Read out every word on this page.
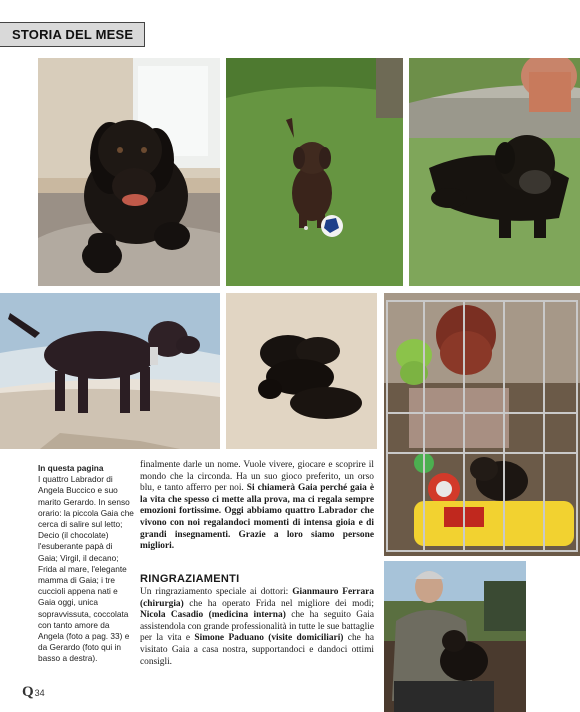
STORIA DEL MESE
In questa pagina
I quattro Labrador di Angela Buccico e suo marito Gerardo. In senso orario: la piccola Gaia che cerca di salire sul letto; Decio (il chocolate) l'esuberante papà di Gaia; Virgil, il decano; Frida al mare, l'elegante mamma di Gaia; i tre cuccioli appena nati e Gaia oggi, unica sopravvissuta, coccolata con tanto amore da Angela (foto a pag. 33) e da Gerardo (foto qui in basso a destra).
finalmente darle un nome. Vuole vivere, giocare e scoprire il mondo che la circonda. Ha un suo gioco preferito, un orso blu, e tanto afferro per noi. Si chiamerà Gaia perché gaia è la vita che spesso ci mette alla prova, ma ci regala sempre emozioni fortissime. Oggi abbiamo quattro Labrador che vivono con noi regalandoci momenti di intensa gioia e di grandi insegnamenti. Grazie a loro siamo persone migliori.
RINGRAZIAMENTI
Un ringraziamento speciale ai dottori: Gianmauro Ferrara (chirurgia) che ha operato Frida nel migliore dei modi; Nicola Casadio (medicina interna) che ha seguito Gaia assistendola con grande professionalità in tutte le sue battaglie per la vita e Simone Paduano (visite domiciliari) che ha visitato Gaia a casa nostra, supportandoci e dandoci ottimi consigli.
Q 34
